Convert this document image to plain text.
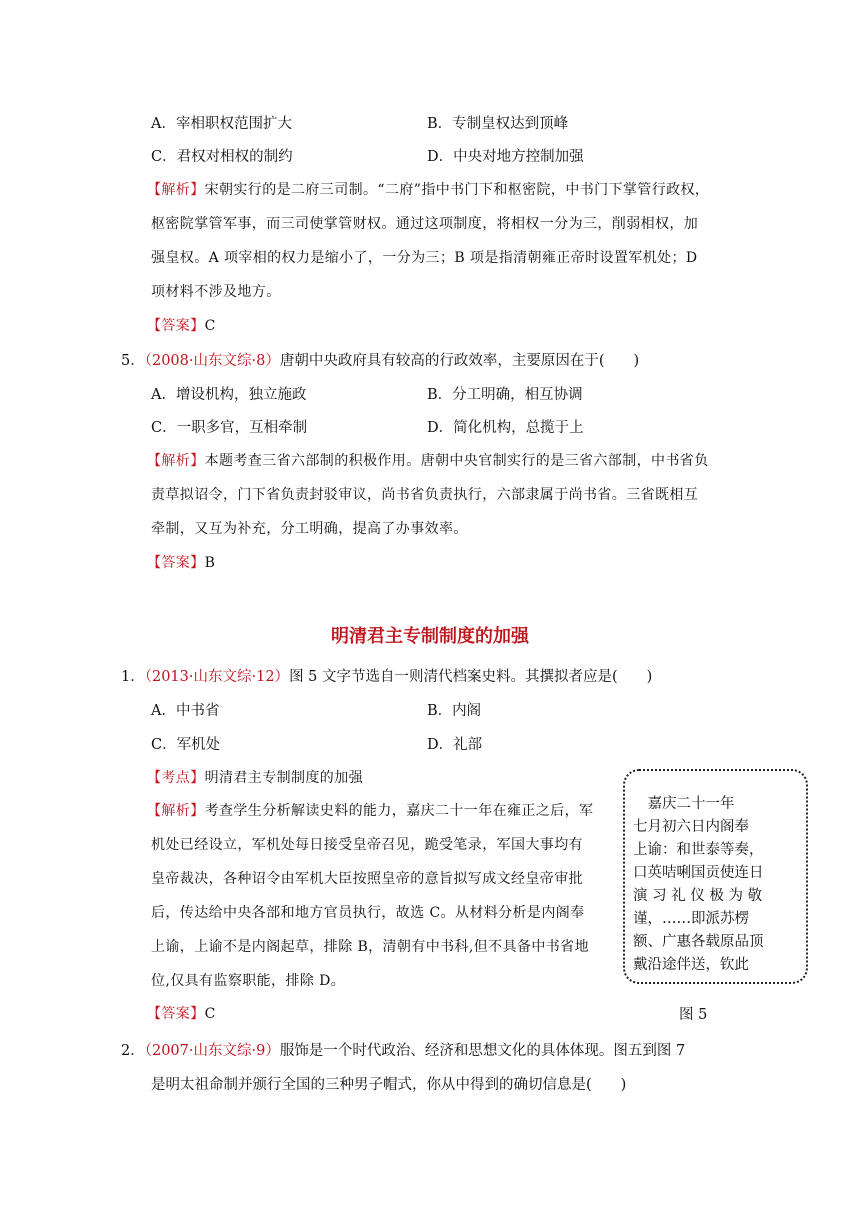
A．宰相职权范围扩大	B．专制皇权达到顶峰
C．君权对相权的制约	D．中央对地方控制加强
【解析】宋朝实行的是二府三司制。“二府”指中书门下和枢密院，中书门下掌管行政权，
枢密院掌管军事，而三司使掌管财权。通过这项制度，将相权一分为三，削弱相权，加
强皇权。A 项宰相的权力是缩小了，一分为三；B 项是指清朝雍正帝时设置军机处；D
项材料不涉及地方。
【答案】C
5．（2008·山东文综·8）唐朝中央政府具有较高的行政效率，主要原因在于(　　)
A．增设机构，独立施政	B．分工明确，相互协调
C．一职多官，互相牵制	D．简化机构，总揽于上
【解析】本题考查三省六部制的积极作用。唐朝中央官制实行的是三省六部制，中书省负
责草拟诏令，门下省负责封驳审议，尚书省负责执行，六部隶属于尚书省。三省既相互
牵制，又互为补充，分工明确，提高了办事效率。
【答案】B
明清君主专制制度的加强
1．（2013·山东文综·12）图 5 文字节选自一则清代档案史料。其撰拟者应是(　　)
A．中书省	B．内阁
C．军机处	D．礼部
【考点】明清君主专制制度的加强
【解析】考查学生分析解读史料的能力，嘉庆二十一年在雍正之后，军
机处已经设立，军机处每日接受皇帝召见，跪受笔录，军国大事均有
皇帝裁决，各种诏令由军机大臣按照皇帝的意旨拟写成文经皇帝审批
后，传达给中央各部和地方官员执行，故选 C。从材料分析是内阁奉
上谕，上谕不是内阁起草，排除 B，清朝有中书科,但不具备中书省地
位,仅具有监察职能，排除 D。
【答案】C
　嘉庆二十一年
七月初六日内阁奉
上谕：和世泰等奏，
口英咭唎国贡使连日
演 习 礼 仪 极 为 敬
谨，……即派苏楞
额、广惠各载原品顶
戴沿途伴送，钦此
图 5
2．（2007·山东文综·9）服饰是一个时代政治、经济和思想文化的具体体现。图五到图 7
是明太祖命制并颁行全国的三种男子帽式，你从中得到的确切信息是(　　)
